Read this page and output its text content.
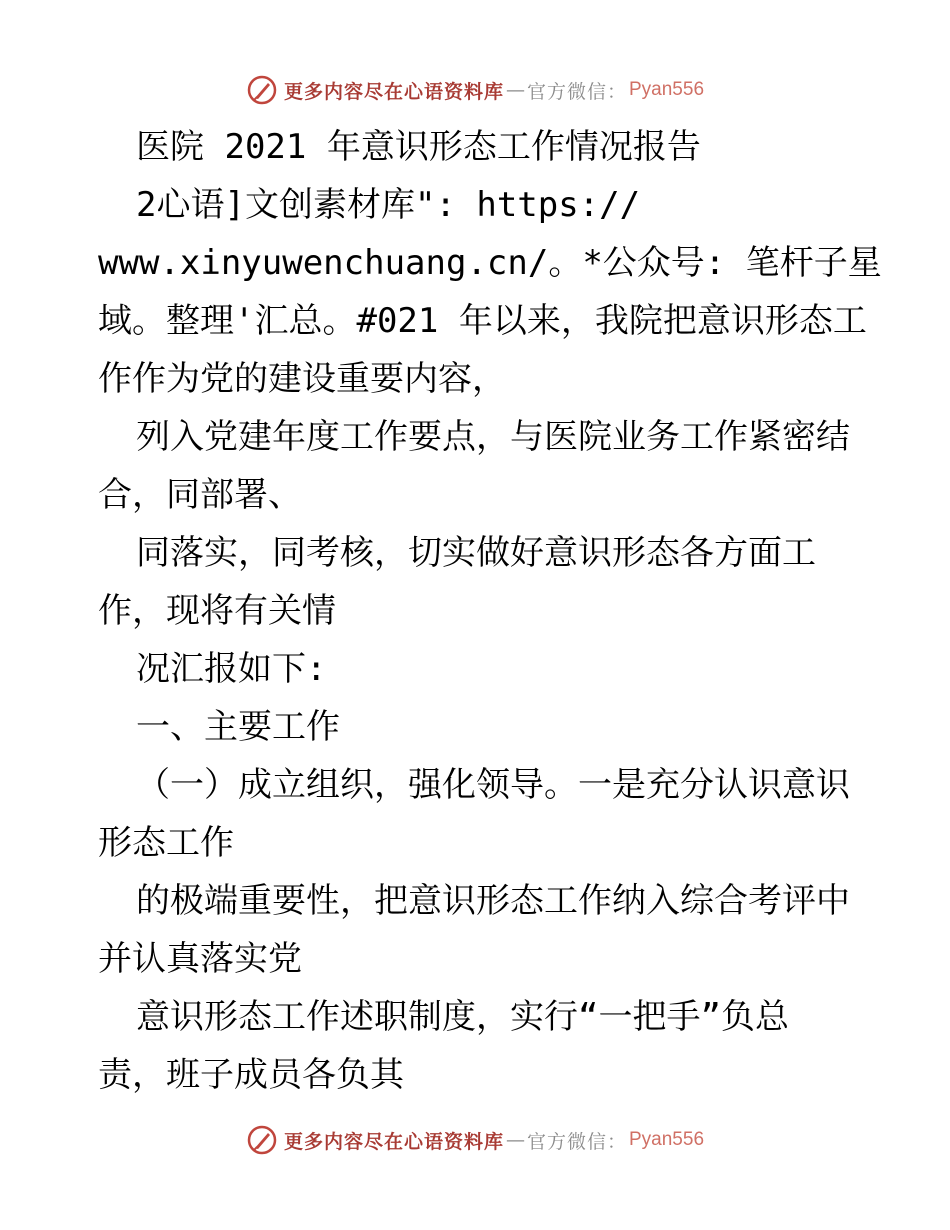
更多内容尽在心语资料库 — 官方微信： Pyan556
医院 2021 年意识形态工作情况报告
2心语]文创素材库": https://
www.xinyuwenchuang.cn/。*公众号: 笔杆子星
域。整理'汇总。#021 年以来，我院把意识形态工
作作为党的建设重要内容，
列入党建年度工作要点，与医院业务工作紧密结
合，同部署、
同落实，同考核，切实做好意识形态各方面工
作，现将有关情
况汇报如下:
一、主要工作
（一）成立组织，强化领导。一是充分认识意识
形态工作
的极端重要性，把意识形态工作纳入综合考评中
并认真落实党
意识形态工作述职制度，实行“一把手”负总
责，班子成员各负其
更多内容尽在心语资料库 — 官方微信： Pyan556
